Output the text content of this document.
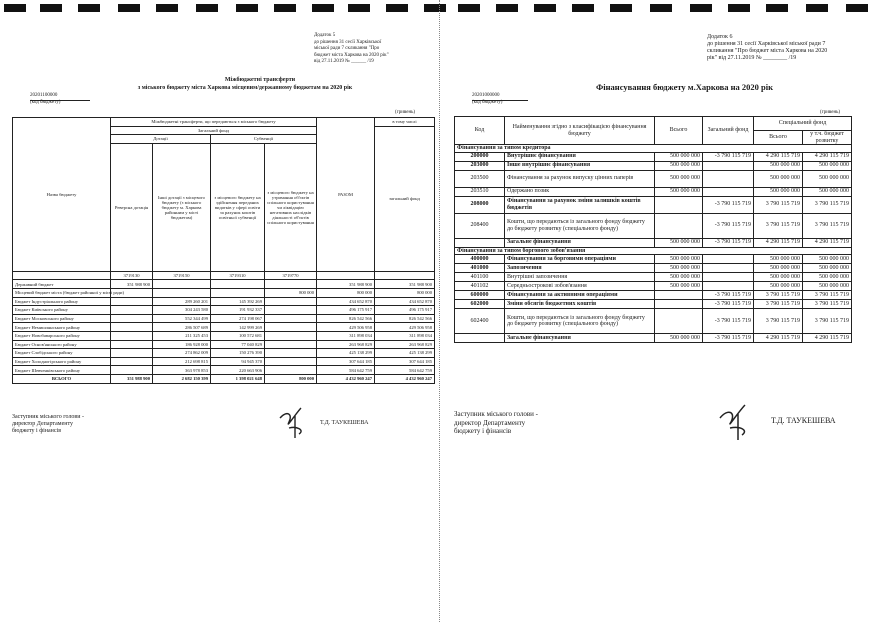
Додаток 5
до рішення 31 сесії Харківської
міської ради 7 скликання "Про
бюджет міста Харкова на 2020 рік"
від 27.11.2019 № ______ /19
Міжбюджетні трансферти
з міського бюджету міста Харкова місцевим/державному бюджетам на 2020 рік
20201100000
(код бюджету)
(гривень)
Назва бюджету	Міжбюджетні трансферти, що передаються з міського бюджету				РАЗОМ	в тому числі
	Загальний фонд					загальний фонд
	Дотації		Субвенції			
	Реверсна дотація	Інші дотації з місцевого бюджету (з міського бюджету м. Харкова районним у місті бюджетам)	з місцевого бюджету на здійснення переданих видатків у сфері освіти за рахунок коштів освітньої субвенції	з місцевого бюджету на утримання об'єктів спільного користування чи ліквідацію негативних наслідків діяльності об'єктів спільного користування		
	3719130	3719150	3719310	3719770		
Державний бюджет	351 988 900				351 988 900	351 988 900
Місцевий бюджет міста (бюджет районної у місті ради)				800 000	800 000	800 000
Бюджет Індустріального району		289 260 201	145 392 269		434 652 870	434 652 870
Бюджет Київського району		304 243 580	191 932 337		496 175 917	496 175 917
Бюджет Московського району		552 344 499	274 198 067		826 542 566	826 542 566
Бюджет Немишлянського району		286 507 689	142 999 269		429 506 958	429 506 958
Бюджет Новобаварського району		211 325 453	100 572 681		311 898 034	311 898 034
Бюджет Основ'янського району		186 928 000	77 040 829		263 968 829	263 968 829
Бюджет Слобідського району		274 862 009	150 276 390		425 138 299	425 138 299
Бюджет Холодногірського району		212 698 815	94 945 370		307 644 185	307 644 185
Бюджет Шевченківського району		363 978 853	220 663 906		584 642 759	584 642 759
ВСЬОГО	351 988 900	2 682 150 399	1 398 021 648	800 000	4 432 960 247	4 432 960 247
Заступник міського голови -
директор Департаменту
бюджету і фінансів
Т.Д. ТАУКЕШЕВА
Додаток 6
до рішення 31 сесії Харківської міської ради 7
скликання "Про бюджет міста Харкова на 2020
рік" від 27.11.2019 № ________ /19
Фінансування бюджету м.Харкова на 2020 рік
20201000000
(код бюджету)
(гривень)
Код	Найменування згідно з класифікацією фінансування бюджету	Всього	Загальний фонд	Спеціальний фонд	
				Всього	у т.ч. бюджет розвитку
Фінансування за типом кредитора					
200000	Внутрішнє фінансування	500 000 000	-3 790 115 719	4 290 115 719	4 290 115 719
203000	Інше внутрішнє фінансування	500 000 000		500 000 000	500 000 000
203500	Фінансування за рахунок випуску цінних паперів	500 000 000		500 000 000	500 000 000
203510	Одержано позик	500 000 000		500 000 000	500 000 000
208000	Фінансування за рахунок зміни залишків коштів бюджетів		-3 790 115 719	3 790 115 719	3 790 115 719
208400	Кошти, що передаються із загального фонду бюджету до бюджету розвитку (спеціального фонду)		-3 790 115 719	3 790 115 719	3 790 115 719
	Загальне фінансування	500 000 000	-3 790 115 719	4 290 115 719	4 290 115 719
Фінансування за типом боргового зобов'язання					
400000	Фінансування за борговими операціями	500 000 000		500 000 000	500 000 000
401000	Запозичення	500 000 000		500 000 000	500 000 000
401100	Внутрішні запозичення	500 000 000		500 000 000	500 000 000
401102	Середньострокові зобов'язання	500 000 000		500 000 000	500 000 000
600000	Фінансування за активними операціями		-3 790 115 719	3 790 115 719	3 790 115 719
602000	Зміни обсягів бюджетних коштів		-3 790 115 719	3 790 115 719	3 790 115 719
602400	Кошти, що передаються із загального фонду бюджету до бюджету розвитку (спеціального фонду)		-3 790 115 719	3 790 115 719	3 790 115 719
	Загальне фінансування	500 000 000	-3 790 115 719	4 290 115 719	4 290 115 719
Заступник міського голови -
директор Департаменту
бюджету і фінансів
Т.Д. ТАУКЕШЕВА
